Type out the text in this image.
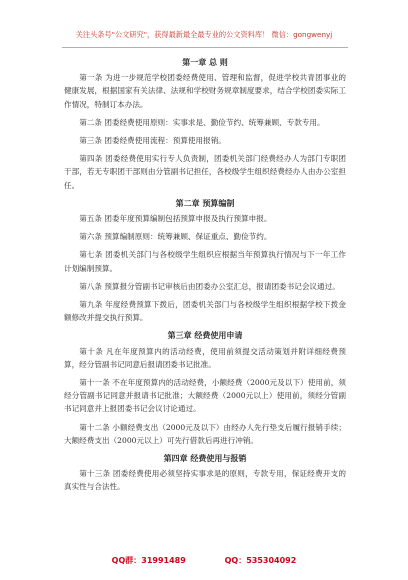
关注头条号"公文研究"，获得最新最全最专业的公文资料库！ 微信：gongwenyj
第一章 总 则

第一条 为进一步规范学校团委经费使用、管理和监督，促进学校共青团事业的健康发展，根据国家有关法律、法规和学校财务规章制度要求，结合学校团委实际工作情况，特制订本办法。

第二条 团委经费使用原则：实事求是、勤俭节约、统筹兼顾、专款专用。

第三条 团委经费使用流程：预算使用报销。

第四条 团委经费使用实行专人负责制，团委机关部门经费经办人为部门专职团干部，若无专职团干部则由分管副书记担任，各校级学生组织经费经办人由办公室担任。

第二章 预算编制

第五条 团委年度预算编制包括预算申报及执行预算申报。

第六条 预算编制原则：统筹兼顾、保证重点、勤俭节约。

第七条 团委机关部门与各校级学生组织应根据当年预算执行情况与下一年工作计划编制预算。

第八条 预算报分管副书记审核后由团委办公室汇总，报请团委书记会议通过。

第九条 年度经费预算下拨后，团委机关部门与各校级学生组织根据学校下拨金额修改并提交执行预算。

第三章 经费使用申请

第十条 凡在年度预算内的活动经费，使用前须提交活动策划并附详细经费预算，经分管副书记同意后报请团委书记批准。

第十一条 不在年度预算内的活动经费，小额经费（2000元及以下）使用前，须经分管副书记同意并报请书记批准；大额经费（2000元以上）使用前，须经分管副书记同意并上报团委书记会议讨论通过。

第十二条 小额经费支出（2000元及以下）由经办人先行垫支后履行报销手续；大额经费支出（2000元以上）可先行借款后再进行冲销。

第四章 经费使用与报销

第十三条 团委经费使用必须坚持实事求是的原则，专款专用，保证经费开支的真实性与合法性。

QQ群：31991489	QQ：535304092
